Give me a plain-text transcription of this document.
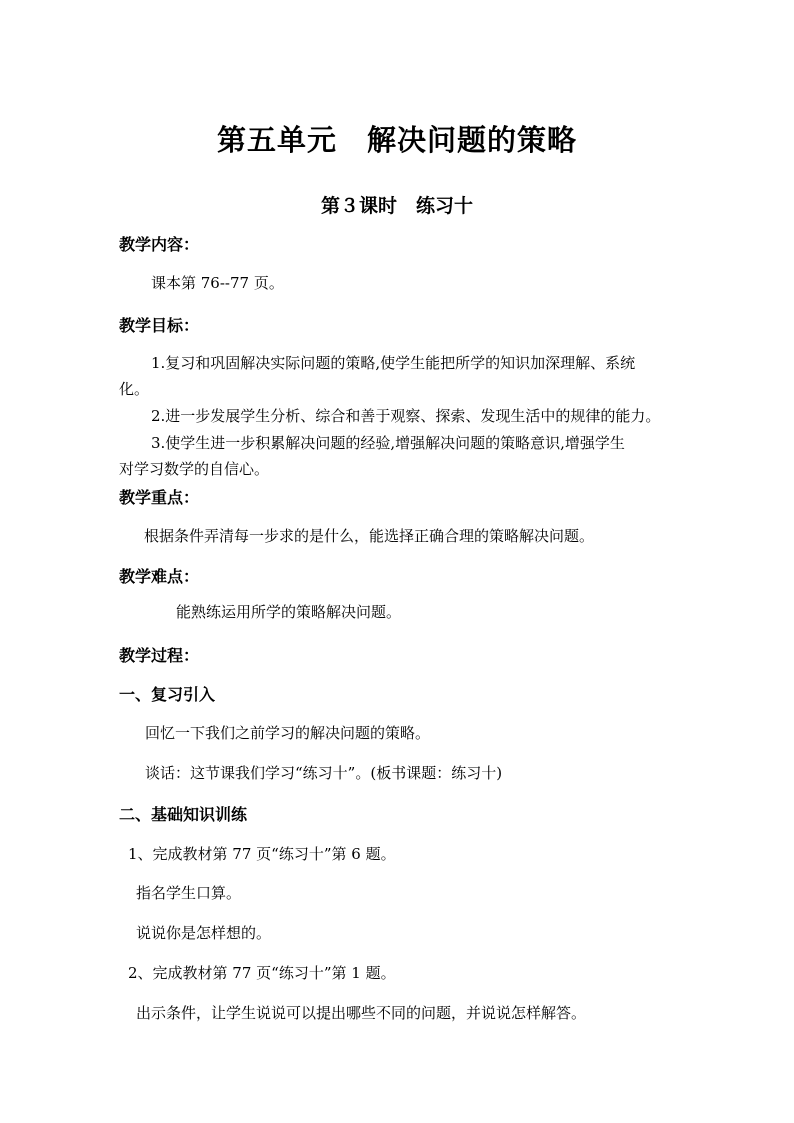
第五单元　解决问题的策略
第３课时　练习十
教学内容：
课本第 76--77 页。
教学目标：
1.复习和巩固解决实际问题的策略,使学生能把所学的知识加深理解、系统
化。
2.进一步发展学生分析、综合和善于观察、探索、发现生活中的规律的能力。
3.使学生进一步积累解决问题的经验,增强解决问题的策略意识,增强学生
对学习数学的自信心。
教学重点：
根据条件弄清每一步求的是什么，能选择正确合理的策略解决问题。
教学难点：
能熟练运用所学的策略解决问题。
教学过程：
一、复习引入
回忆一下我们之前学习的解决问题的策略。
谈话：这节课我们学习“练习十”。(板书课题：练习十)
二、基础知识训练
1、完成教材第 77 页“练习十”第 6 题。
指名学生口算。
说说你是怎样想的。
2、完成教材第 77 页“练习十”第 1 题。
出示条件，让学生说说可以提出哪些不同的问题，并说说怎样解答。
